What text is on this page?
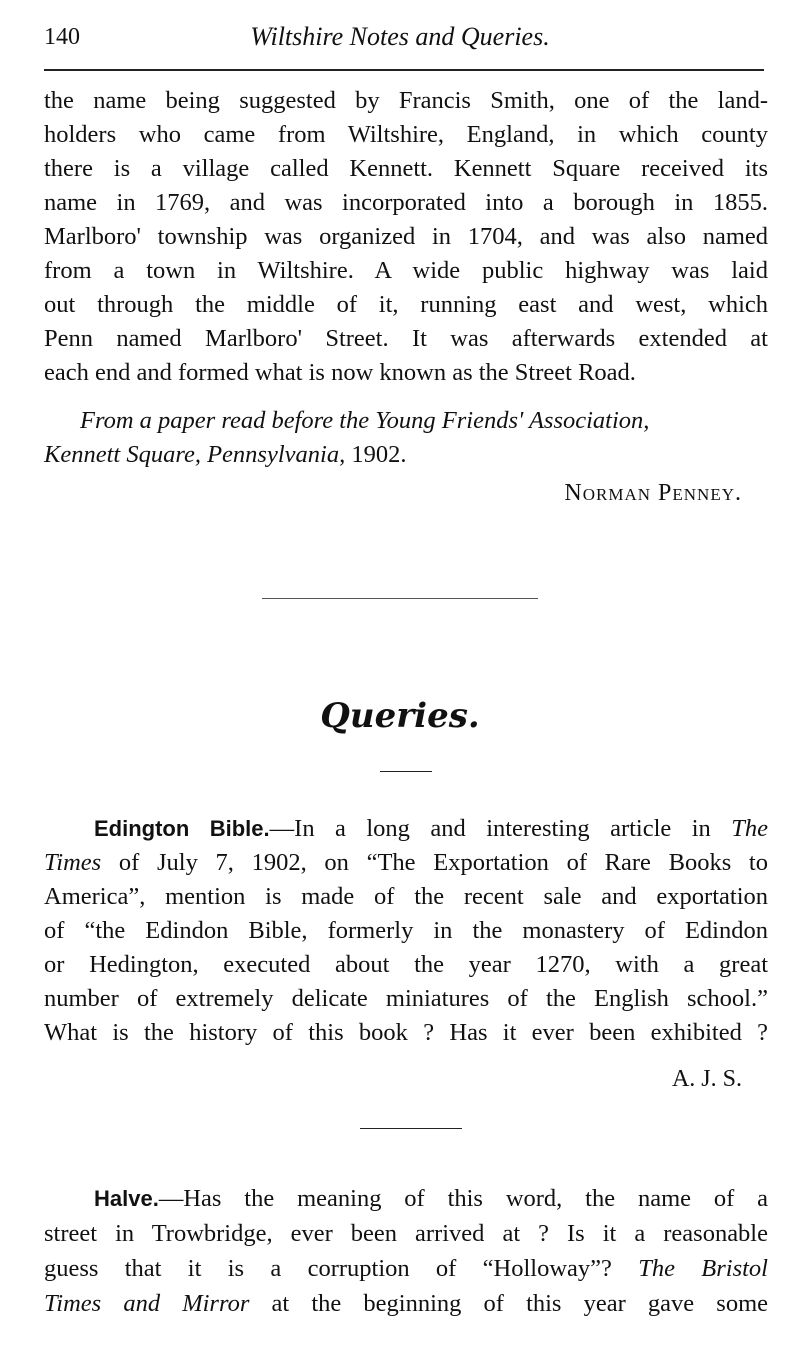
140	Wiltshire Notes and Queries.
the name being suggested by Francis Smith, one of the land-
holders who came from Wiltshire, England, in which county
there is a village called Kennett. Kennett Square received its
name in 1769, and was incorporated into a borough in 1855.
Marlboro' township was organized in 1704, and was also named
from a town in Wiltshire. A wide public highway was laid
out through the middle of it, running east and west, which
Penn named Marlboro' Street. It was afterwards extended at
each end and formed what is now known as the Street Road.
From a paper read before the Young Friends' Association,
Kennett Square, Pennsylvania, 1902.
Norman Penney.
Queries.
Edington Bible.—In a long and interesting article in The
Times of July 7, 1902, on “The Exportation of Rare Books to
America”, mention is made of the recent sale and exportation
of “the Edindon Bible, formerly in the monastery of Edindon
or Hedington, executed about the year 1270, with a great
number of extremely delicate miniatures of the English school.”
What is the history of this book ? Has it ever been exhibited ?
A. J. S.
Halve.—Has the meaning of this word, the name of a
street in Trowbridge, ever been arrived at ? Is it a reasonable
guess that it is a corruption of “Holloway”? The Bristol
Times and Mirror at the beginning of this year gave some
